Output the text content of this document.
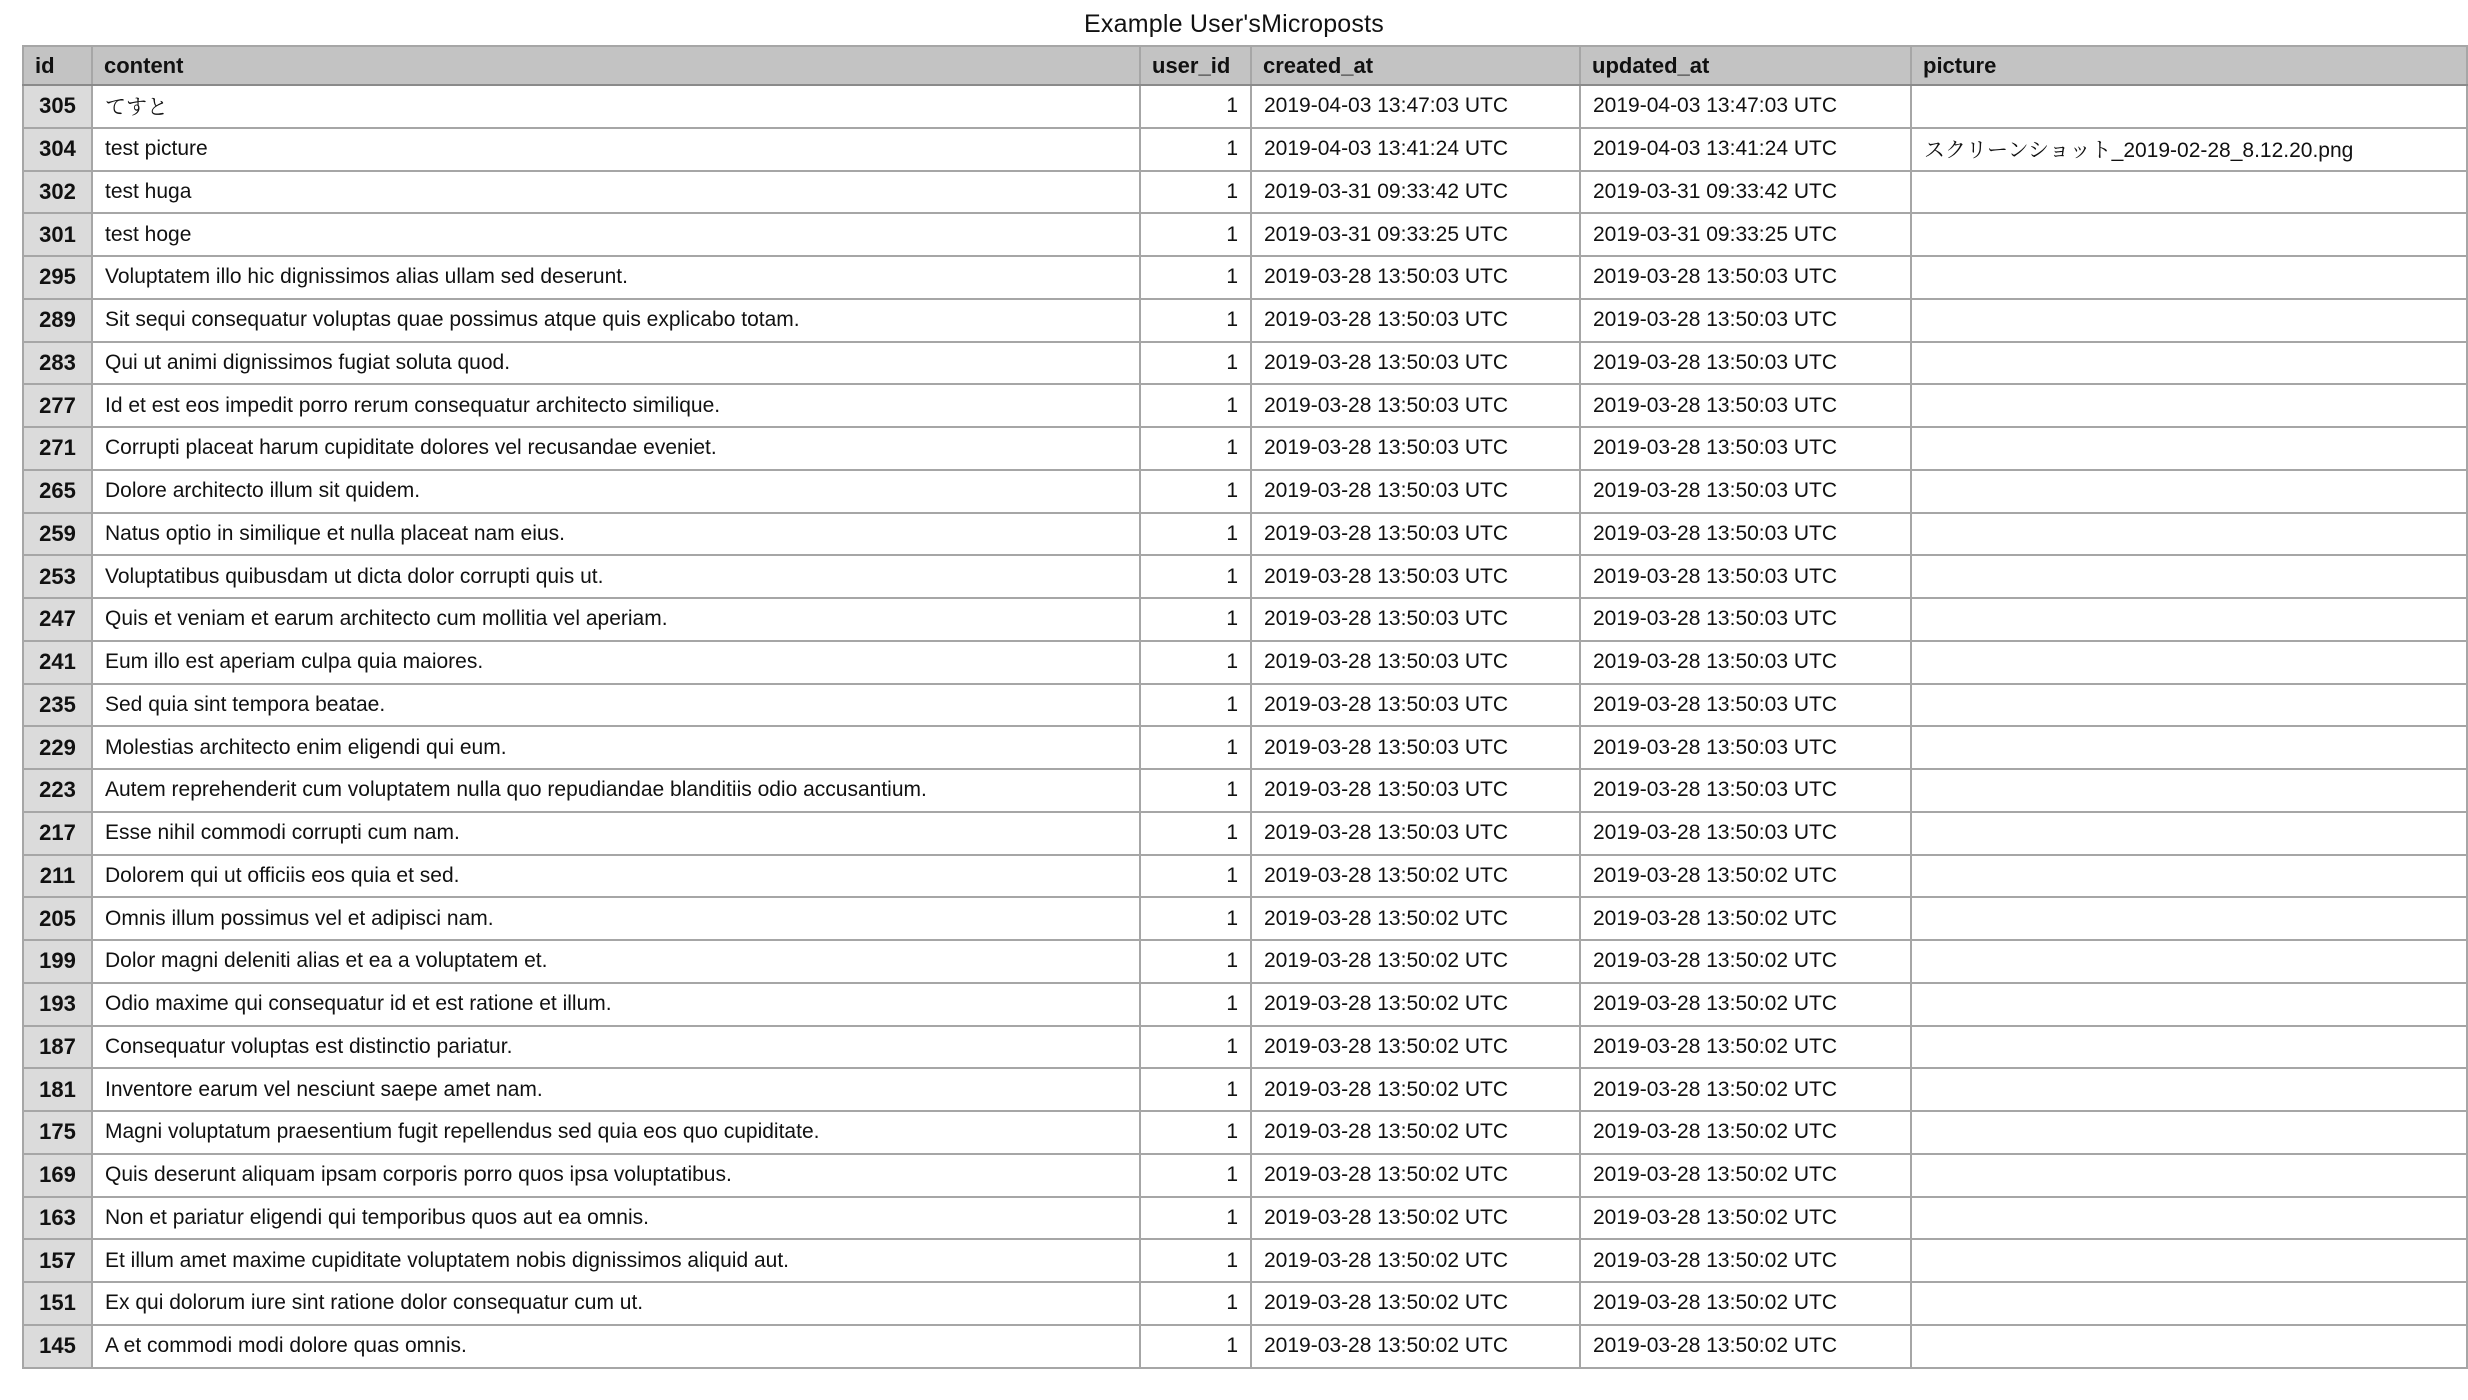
Example User'sMicroposts
id	content	user_id	created_at	updated_at	picture
305	てすと	1	2019-04-03 13:47:03 UTC	2019-04-03 13:47:03 UTC	
304	test picture	1	2019-04-03 13:41:24 UTC	2019-04-03 13:41:24 UTC	スクリーンショット_2019-02-28_8.12.20.png
302	test huga	1	2019-03-31 09:33:42 UTC	2019-03-31 09:33:42 UTC	
301	test hoge	1	2019-03-31 09:33:25 UTC	2019-03-31 09:33:25 UTC	
295	Voluptatem illo hic dignissimos alias ullam sed deserunt.	1	2019-03-28 13:50:03 UTC	2019-03-28 13:50:03 UTC	
289	Sit sequi consequatur voluptas quae possimus atque quis explicabo totam.	1	2019-03-28 13:50:03 UTC	2019-03-28 13:50:03 UTC	
283	Qui ut animi dignissimos fugiat soluta quod.	1	2019-03-28 13:50:03 UTC	2019-03-28 13:50:03 UTC	
277	Id et est eos impedit porro rerum consequatur architecto similique.	1	2019-03-28 13:50:03 UTC	2019-03-28 13:50:03 UTC	
271	Corrupti placeat harum cupiditate dolores vel recusandae eveniet.	1	2019-03-28 13:50:03 UTC	2019-03-28 13:50:03 UTC	
265	Dolore architecto illum sit quidem.	1	2019-03-28 13:50:03 UTC	2019-03-28 13:50:03 UTC	
259	Natus optio in similique et nulla placeat nam eius.	1	2019-03-28 13:50:03 UTC	2019-03-28 13:50:03 UTC	
253	Voluptatibus quibusdam ut dicta dolor corrupti quis ut.	1	2019-03-28 13:50:03 UTC	2019-03-28 13:50:03 UTC	
247	Quis et veniam et earum architecto cum mollitia vel aperiam.	1	2019-03-28 13:50:03 UTC	2019-03-28 13:50:03 UTC	
241	Eum illo est aperiam culpa quia maiores.	1	2019-03-28 13:50:03 UTC	2019-03-28 13:50:03 UTC	
235	Sed quia sint tempora beatae.	1	2019-03-28 13:50:03 UTC	2019-03-28 13:50:03 UTC	
229	Molestias architecto enim eligendi qui eum.	1	2019-03-28 13:50:03 UTC	2019-03-28 13:50:03 UTC	
223	Autem reprehenderit cum voluptatem nulla quo repudiandae blanditiis odio accusantium.	1	2019-03-28 13:50:03 UTC	2019-03-28 13:50:03 UTC	
217	Esse nihil commodi corrupti cum nam.	1	2019-03-28 13:50:03 UTC	2019-03-28 13:50:03 UTC	
211	Dolorem qui ut officiis eos quia et sed.	1	2019-03-28 13:50:02 UTC	2019-03-28 13:50:02 UTC	
205	Omnis illum possimus vel et adipisci nam.	1	2019-03-28 13:50:02 UTC	2019-03-28 13:50:02 UTC	
199	Dolor magni deleniti alias et ea a voluptatem et.	1	2019-03-28 13:50:02 UTC	2019-03-28 13:50:02 UTC	
193	Odio maxime qui consequatur id et est ratione et illum.	1	2019-03-28 13:50:02 UTC	2019-03-28 13:50:02 UTC	
187	Consequatur voluptas est distinctio pariatur.	1	2019-03-28 13:50:02 UTC	2019-03-28 13:50:02 UTC	
181	Inventore earum vel nesciunt saepe amet nam.	1	2019-03-28 13:50:02 UTC	2019-03-28 13:50:02 UTC	
175	Magni voluptatum praesentium fugit repellendus sed quia eos quo cupiditate.	1	2019-03-28 13:50:02 UTC	2019-03-28 13:50:02 UTC	
169	Quis deserunt aliquam ipsam corporis porro quos ipsa voluptatibus.	1	2019-03-28 13:50:02 UTC	2019-03-28 13:50:02 UTC	
163	Non et pariatur eligendi qui temporibus quos aut ea omnis.	1	2019-03-28 13:50:02 UTC	2019-03-28 13:50:02 UTC	
157	Et illum amet maxime cupiditate voluptatem nobis dignissimos aliquid aut.	1	2019-03-28 13:50:02 UTC	2019-03-28 13:50:02 UTC	
151	Ex qui dolorum iure sint ratione dolor consequatur cum ut.	1	2019-03-28 13:50:02 UTC	2019-03-28 13:50:02 UTC	
145	A et commodi modi dolore quas omnis.	1	2019-03-28 13:50:02 UTC	2019-03-28 13:50:02 UTC	
